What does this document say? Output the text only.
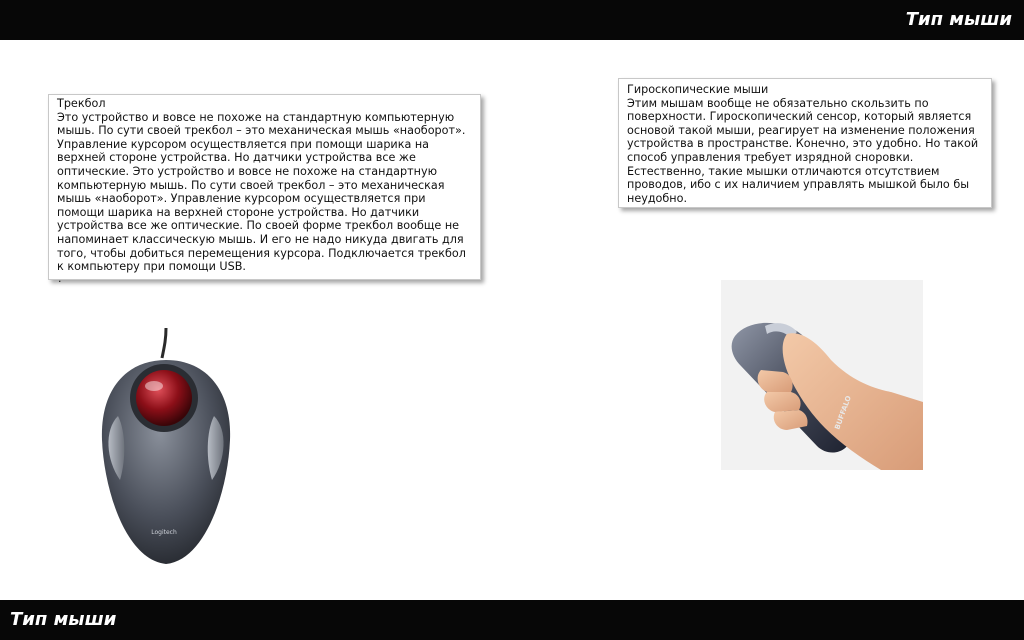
Тип мыши

Трекбол

Это устройство и вовсе не похоже на стандартную компьютерную мышь. По сути своей трекбол – это механическая мышь «наоборот». Управление курсором осуществляется при помощи шарика на верхней стороне устройства. Но датчики устройства все же оптические. Это устройство и вовсе не похоже на стандартную компьютерную мышь. По сути своей трекбол – это механическая мышь «наоборот». Управление курсором осуществляется при помощи шарика на верхней стороне устройства. Но датчики устройства все же оптические. По своей форме трекбол вообще не напоминает классическую мышь. И его не надо никуда двигать для того, чтобы добиться перемещения курсора. Подключается трекбол к компьютеру при помощи USB.

.

Гироскопические мыши

Этим мышам вообще не обязательно скользить по поверхности. Гироскопический сенсор, который является основой такой мыши, реагирует на изменение положения устройства в пространстве. Конечно, это удобно. Но такой способ управления требует изрядной сноровки. Естественно, такие мышки отличаются отсутствием проводов, ибо с их наличием управлять мышкой было бы неудобно.

Logitech
BUFFALO
Тип мыши
